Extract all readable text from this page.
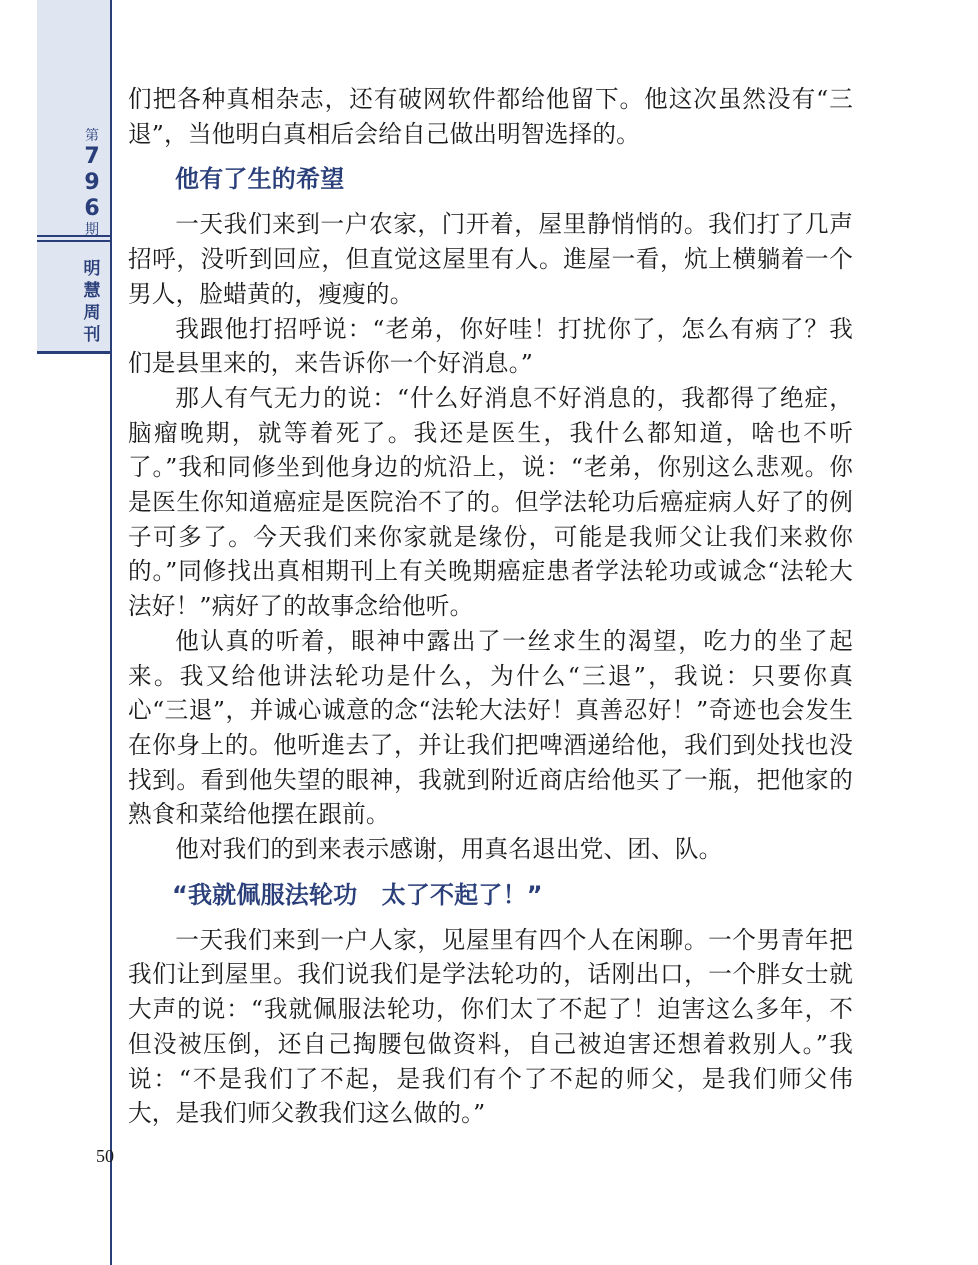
第
7
9
6
期
明
慧
周
刊
50

们把各种真相杂志，还有破网软件都给他留下。他这次虽然没有“三退”，当他明白真相后会给自己做出明智选择的。

他有了生的希望

一天我们来到一户农家，门开着，屋里静悄悄的。我们打了几声招呼，没听到回应，但直觉这屋里有人。進屋一看，炕上横躺着一个男人，脸蜡黄的，瘦瘦的。

我跟他打招呼说：“老弟，你好哇！打扰你了，怎么有病了？我们是县里来的，来告诉你一个好消息。”

那人有气无力的说：“什么好消息不好消息的，我都得了绝症，脑瘤晚期，就等着死了。我还是医生，我什么都知道，啥也不听了。”我和同修坐到他身边的炕沿上，说：“老弟，你别这么悲观。你是医生你知道癌症是医院治不了的。但学法轮功后癌症病人好了的例子可多了。今天我们来你家就是缘份，可能是我师父让我们来救你的。”同修找出真相期刊上有关晚期癌症患者学法轮功或诚念“法轮大法好！”病好了的故事念给他听。

他认真的听着，眼神中露出了一丝求生的渴望，吃力的坐了起来。我又给他讲法轮功是什么，为什么“三退”，我说：只要你真心“三退”，并诚心诚意的念“法轮大法好！真善忍好！”奇迹也会发生在你身上的。他听進去了，并让我们把啤酒递给他，我们到处找也没找到。看到他失望的眼神，我就到附近商店给他买了一瓶，把他家的熟食和菜给他摆在跟前。

他对我们的到来表示感谢，用真名退出党、团、队。

“我就佩服法轮功　太了不起了！”

一天我们来到一户人家，见屋里有四个人在闲聊。一个男青年把我们让到屋里。我们说我们是学法轮功的，话刚出口，一个胖女士就大声的说：“我就佩服法轮功，你们太了不起了！迫害这么多年，不但没被压倒，还自己掏腰包做资料，自己被迫害还想着救别人。”我说：“不是我们了不起，是我们有个了不起的师父，是我们师父伟大，是我们师父教我们这么做的。”
